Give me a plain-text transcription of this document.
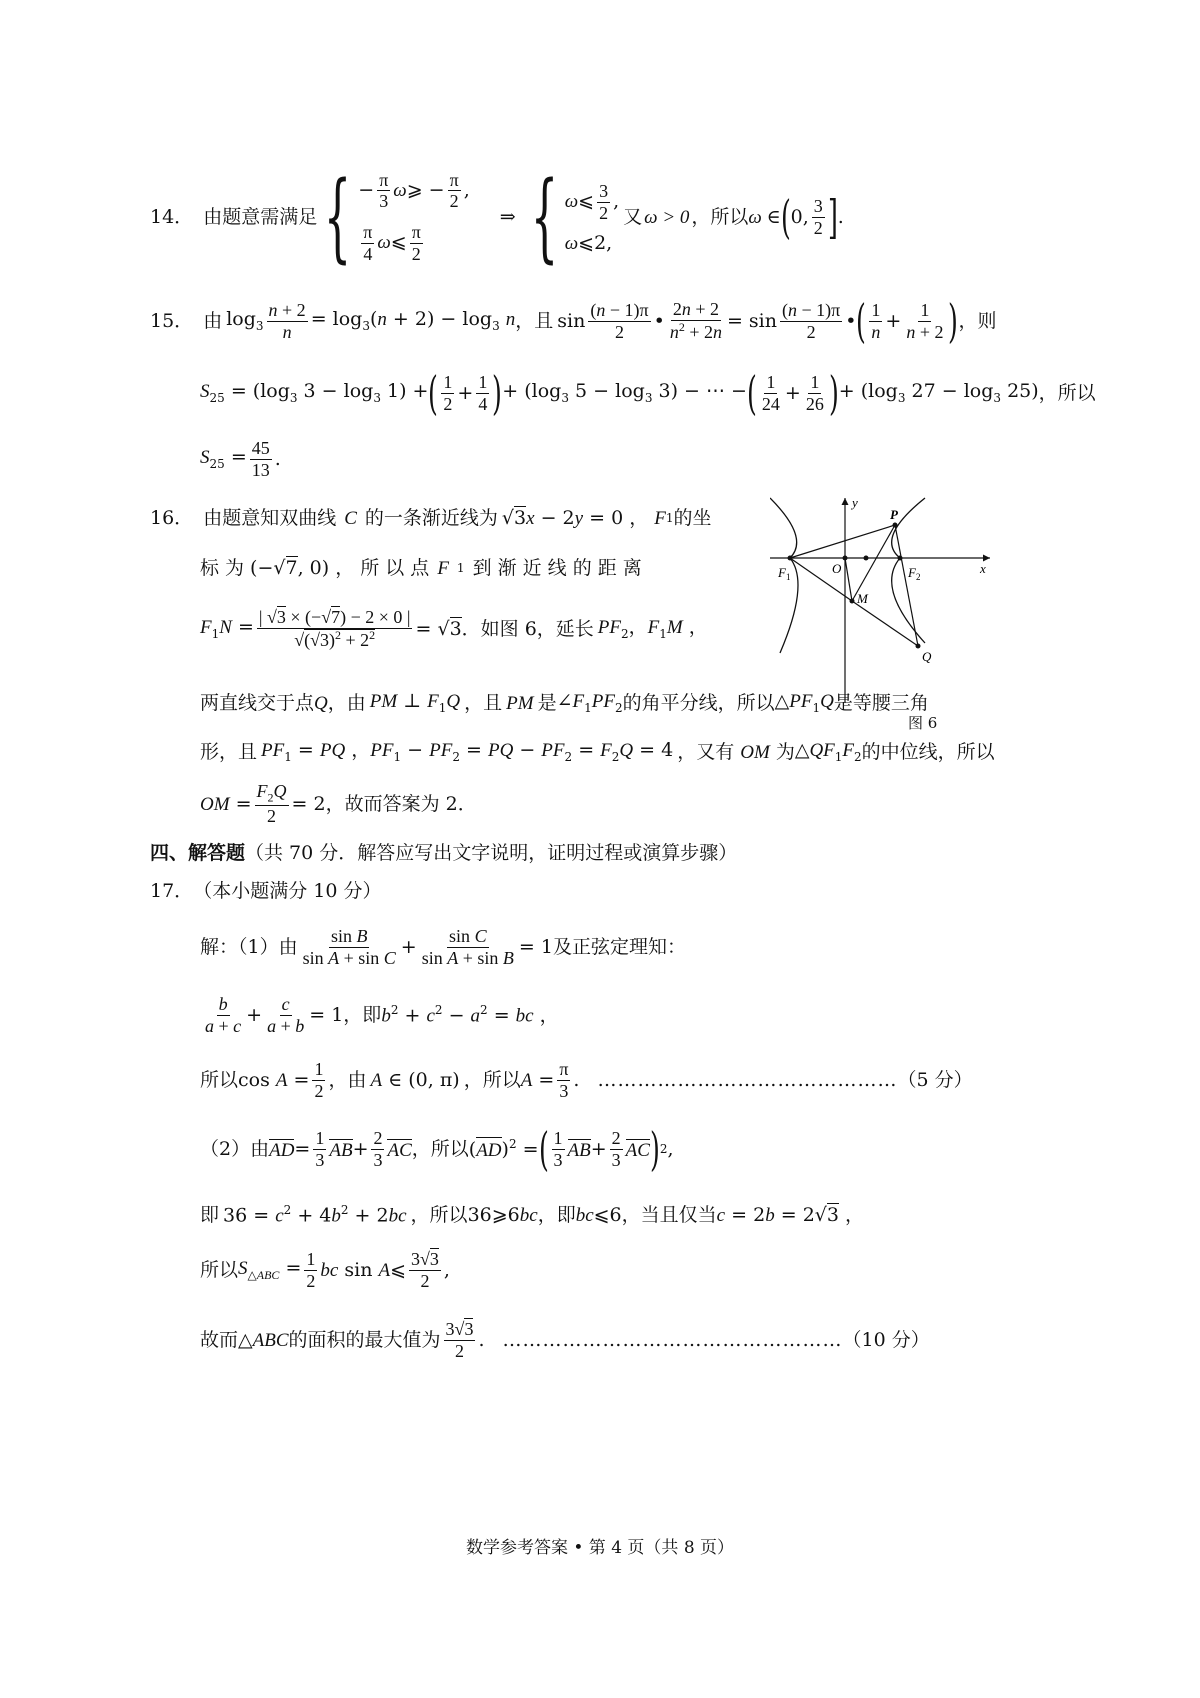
14． 由题意需满足 { − $\frac{\pi}{3}$ ω⩾ − $\frac{\pi}{2}$ ,
$\frac{\pi}{4}$ ω⩽ $\frac{\pi}{2}$
⇒ { ω⩽ $\frac{3}{2}$ ,
ω⩽2,
又 ω > 0 ，所以 ω ∈ ( 0, $\frac{3}{2}$ ] .
15． 由 $\log_3 \frac{n + 2}{n} = \log_3(n + 2) - \log_3 n$ ，且 $\sin \frac{(n - 1)\pi}{2}$ • $\frac{2n + 2}{n^2 + 2n} = \sin \frac{(n - 1)\pi}{2}$ • ( $\frac{1}{n} + \frac{1}{n + 2}$ ) ，则
$S_{25} = (\log_3$ $3 - \log_3 1$) + ( $\frac{1}{2} + \frac{1}{4}$ ) + ($\log_3$ $5 - \log_3 3$) − ⋯ − ( $\frac{1}{24} + \frac{1}{26}$ ) + ($\log_3$ $27 - \log_3 25$) ，所以
$S_{25} = \frac{45}{13}$ .
16． 由题意知双曲线 C 的一条渐近线为 √3x − 2y = 0 ， F 1 的坐
标 为 (−√7, 0) ， 所 以 点 F 1 到 渐 近 线 的 距 离
$F_1N = \frac{| √3 \times (-√7) - 2 \times 0 |}{√(√3)^2 + 2^2} = √3$ ．如图 6，延长 $PF_2$，$F_1M$ ，
y
x
P
F 1
O	F 2
M
Q
图 6
两直线交于点 Q ，由 PM ⊥ $F_1Q$ ，且 PM 是 $\angle F_1PF_2$ 的角平分线，所以 $\triangle PF_1Q$ 是等腰三角
形，且 $PF_1$ = PQ ，$PF_1 - PF_2$ = PQ − $PF_2 = F_2Q = 4$ ，又有 OM 为 $\triangle QF_1F_2$ 的中位线，所以
OM = $\frac{F_2Q}{2} = 2$ ，故而答案为 2．
四、解答题 （共 70 分．解答应写出文字说明，证明过程或演算步骤）
17． （本小题满分 10 分）
解：（1）由 $\frac{\text{sin B}}{\text{sin A + sin C}} + \frac{\text{sin C}}{\text{sin A + sin B}} = 1$ 及正弦定理知：
$\frac{b}{a + c} + \frac{c}{a + b} = 1$ ，即 $b^2 + c^2 - a^2$ = bc ，
所以 $\cos A = \frac{1}{2}$ ，由 A ∈ (0, π) ，所以 $A = \frac{\pi}{3}$ . ……………………………………… （5 分）
（2）由 AD = $\frac{1}{3}$ AB + $\frac{2}{3}$ AC ，所以 (AD)$^2$ = ( $\frac{1}{3}$ AB + $\frac{2}{3}$ AC ) 2 ,
即 $36 = c^2 + 4b^2 + 2bc$ ，所以 36⩾6bc ，即 bc⩽6 ，当且仅当 c = 2b = 2√3 ，
所以 $S_{\triangle ABC} = \frac{1}{2}$ bc sin A⩽ $\frac{3√3}{2}$ ,
故而 △ABC 的面积的最大值为 $\frac{3√3}{2}$ . …………………………………………… （10 分）
数学参考答案 • 第 4 页（共 8 页）
